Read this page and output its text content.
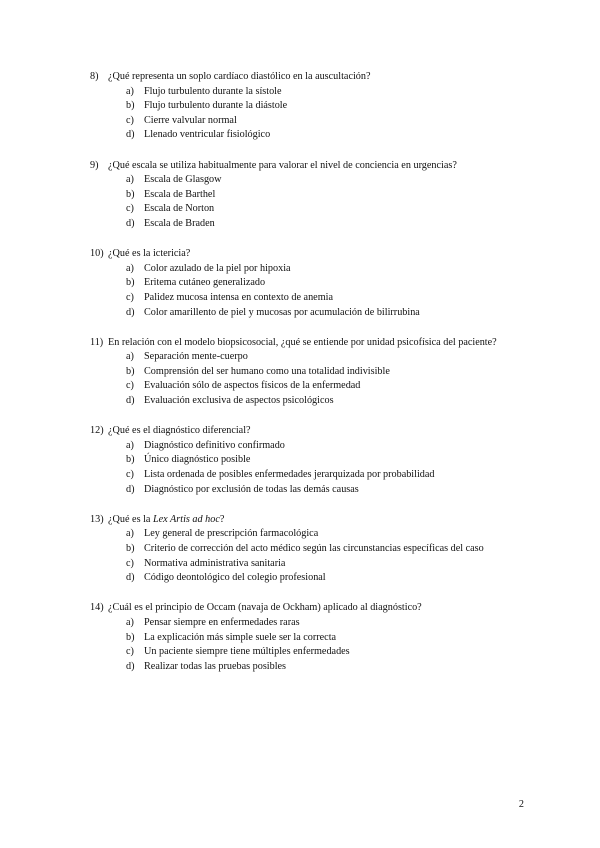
8) ¿Qué representa un soplo cardíaco diastólico en la auscultación?
a) Flujo turbulento durante la sístole
b) Flujo turbulento durante la diástole
c) Cierre valvular normal
d) Llenado ventricular fisiológico
9) ¿Qué escala se utiliza habitualmente para valorar el nivel de conciencia en urgencias?
a) Escala de Glasgow
b) Escala de Barthel
c) Escala de Norton
d) Escala de Braden
10) ¿Qué es la ictericia?
a) Color azulado de la piel por hipoxia
b) Eritema cutáneo generalizado
c) Palidez mucosa intensa en contexto de anemia
d) Color amarillento de piel y mucosas por acumulación de bilirrubina
11) En relación con el modelo biopsicosocial, ¿qué se entiende por unidad psicofísica del paciente?
a) Separación mente-cuerpo
b) Comprensión del ser humano como una totalidad indivisible
c) Evaluación sólo de aspectos físicos de la enfermedad
d) Evaluación exclusiva de aspectos psicológicos
12) ¿Qué es el diagnóstico diferencial?
a) Diagnóstico definitivo confirmado
b) Único diagnóstico posible
c) Lista ordenada de posibles enfermedades jerarquizada por probabilidad
d) Diagnóstico por exclusión de todas las demás causas
13) ¿Qué es la Lex Artis ad hoc?
a) Ley general de prescripción farmacológica
b) Criterio de corrección del acto médico según las circunstancias específicas del caso
c) Normativa administrativa sanitaria
d) Código deontológico del colegio profesional
14) ¿Cuál es el principio de Occam (navaja de Ockham) aplicado al diagnóstico?
a) Pensar siempre en enfermedades raras
b) La explicación más simple suele ser la correcta
c) Un paciente siempre tiene múltiples enfermedades
d) Realizar todas las pruebas posibles
2
